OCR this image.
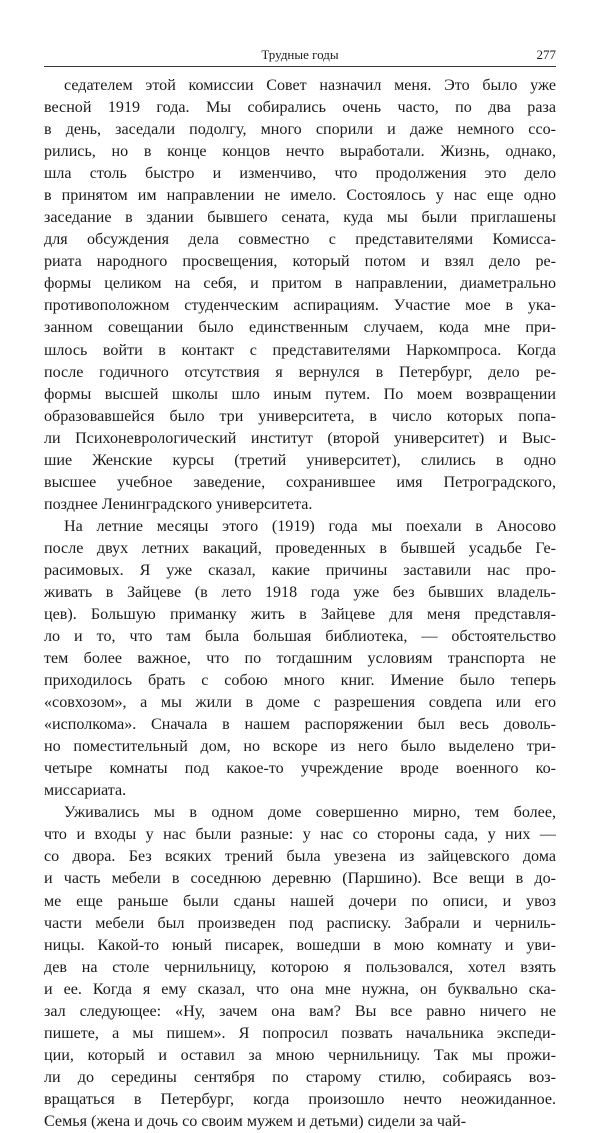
Трудные годы	277
седателем этой комиссии Совет назначил меня. Это было уже
весной 1919 года. Мы собирались очень часто, по два раза
в день, заседали подолгу, много спорили и даже немного ссо-
рились, но в конце концов нечто выработали. Жизнь, однако,
шла столь быстро и изменчиво, что продолжения это дело
в принятом им направлении не имело. Состоялось у нас еще одно
заседание в здании бывшего сената, куда мы были приглашены
для обсуждения дела совместно с представителями Комисса-
риата народного просвещения, который потом и взял дело ре-
формы целиком на себя, и притом в направлении, диаметрально
противоположном студенческим аспирациям. Участие мое в ука-
занном совещании было единственным случаем, кода мне при-
шлось войти в контакт с представителями Наркомпроса. Когда
после годичного отсутствия я вернулся в Петербург, дело ре-
формы высшей школы шло иным путем. По моем возвращении
образовавшейся было три университета, в число которых попа-
ли Психоневрологический институт (второй университет) и Выс-
шие Женские курсы (третий университет), слились в одно
высшее учебное заведение, сохранившее имя Петроградского,
позднее Ленинградского университета.
На летние месяцы этого (1919) года мы поехали в Аносово
после двух летних вакаций, проведенных в бывшей усадьбе Ге-
расимовых. Я уже сказал, какие причины заставили нас про-
живать в Зайцеве (в лето 1918 года уже без бывших владель-
цев). Большую приманку жить в Зайцеве для меня представля-
ло и то, что там была большая библиотека, — обстоятельство
тем более важное, что по тогдашним условиям транспорта не
приходилось брать с собою много книг. Имение было теперь
«совхозом», а мы жили в доме с разрешения совдепа или его
«исполкома». Сначала в нашем распоряжении был весь доволь-
но поместительный дом, но вскоре из него было выделено три-
четыре комнаты под какое-то учреждение вроде военного ко-
миссариата.
Уживались мы в одном доме совершенно мирно, тем более,
что и входы у нас были разные: у нас со стороны сада, у них —
со двора. Без всяких трений была увезена из зайцевского дома
и часть мебели в соседнюю деревню (Паршино). Все вещи в до-
ме еще раньше были сданы нашей дочери по описи, и увоз
части мебели был произведен под расписку. Забрали и черниль-
ницы. Какой-то юный писарек, вошедши в мою комнату и уви-
дев на столе чернильницу, которою я пользовался, хотел взять
и ее. Когда я ему сказал, что она мне нужна, он буквально ска-
зал следующее: «Ну, зачем она вам? Вы все равно ничего не
пишете, а мы пишем». Я попросил позвать начальника экспеди-
ции, который и оставил за мною чернильницу. Так мы прожи-
ли до середины сентября по старому стилю, собираясь воз-
вращаться в Петербург, когда произошло нечто неожиданное.
Семья (жена и дочь со своим мужем и детьми) сидели за чай-
